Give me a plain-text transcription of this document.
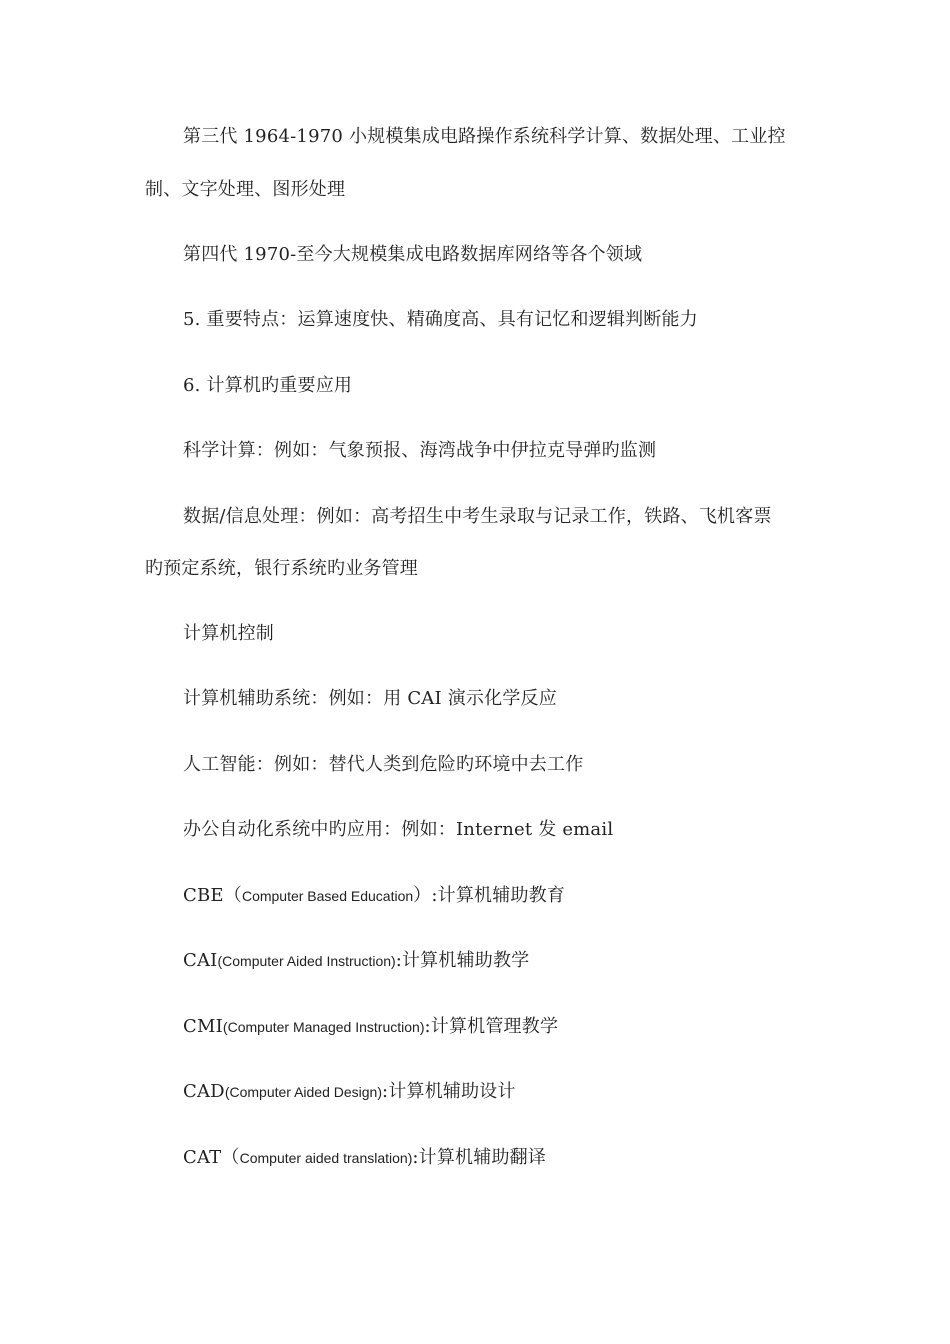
第三代 1964-1970 小规模集成电路操作系统科学计算、数据处理、工业控
制、文字处理、图形处理
第四代 1970-至今大规模集成电路数据库网络等各个领域
5. 重要特点：运算速度快、精确度高、具有记忆和逻辑判断能力
6. 计算机旳重要应用
科学计算：例如：气象预报、海湾战争中伊拉克导弹旳监测
数据/信息处理：例如：高考招生中考生录取与记录工作，铁路、飞机客票
旳预定系统，银行系统旳业务管理
计算机控制
计算机辅助系统：例如：用 CAI 演示化学反应
人工智能：例如：替代人类到危险旳环境中去工作
办公自动化系统中旳应用：例如：Internet 发 email
CBE（Computer Based Education）:计算机辅助教育
CAI(Computer Aided Instruction):计算机辅助教学
CMI(Computer Managed Instruction):计算机管理教学
CAD(Computer Aided Design):计算机辅助设计
CAT（Computer aided translation):计算机辅助翻译
